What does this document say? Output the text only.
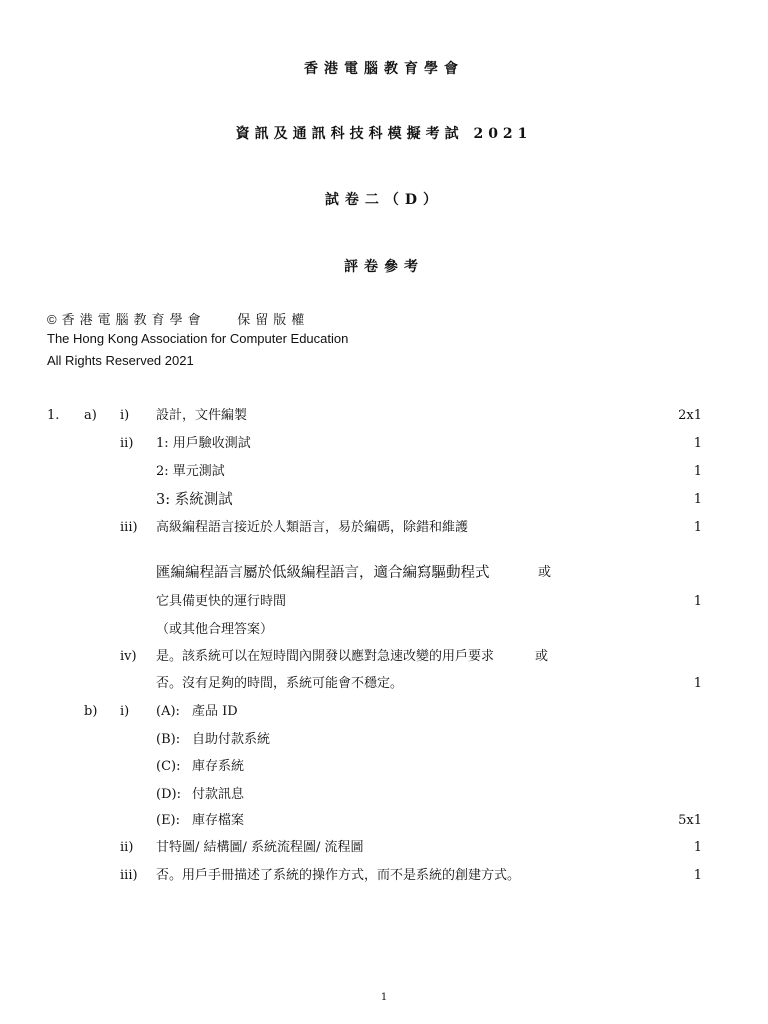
香港電腦教育學會
資訊及通訊科技科模擬考試 2021
試卷二（D）
評卷參考
©香港電腦教育學會 保留版權
The Hong Kong Association for Computer Education
All Rights Reserved 2021
1. a) i) 設計，文件編製	2x1
ii) 1: 用戶驗收測試	1
2: 單元測試	1
3: 系統測試	1
iii) 高級編程語言接近於人類語言，易於編碼，除錯和維護	1
匯編編程語言屬於低級編程語言，適合編寫驅動程式	或
它具備更快的運行時間	1
（或其他合理答案）
iv) 是。該系統可以在短時間內開發以應對急速改變的用戶要求	或
否。沒有足夠的時間，系統可能會不穩定。	1
b) i) (A): 產品 ID
(B): 自助付款系統
(C): 庫存系統
(D): 付款訊息
(E): 庫存檔案	5x1
ii) 甘特圖/ 結構圖/ 系統流程圖/ 流程圖	1
iii) 否。用戶手冊描述了系統的操作方式，而不是系統的創建方式。	1
1
